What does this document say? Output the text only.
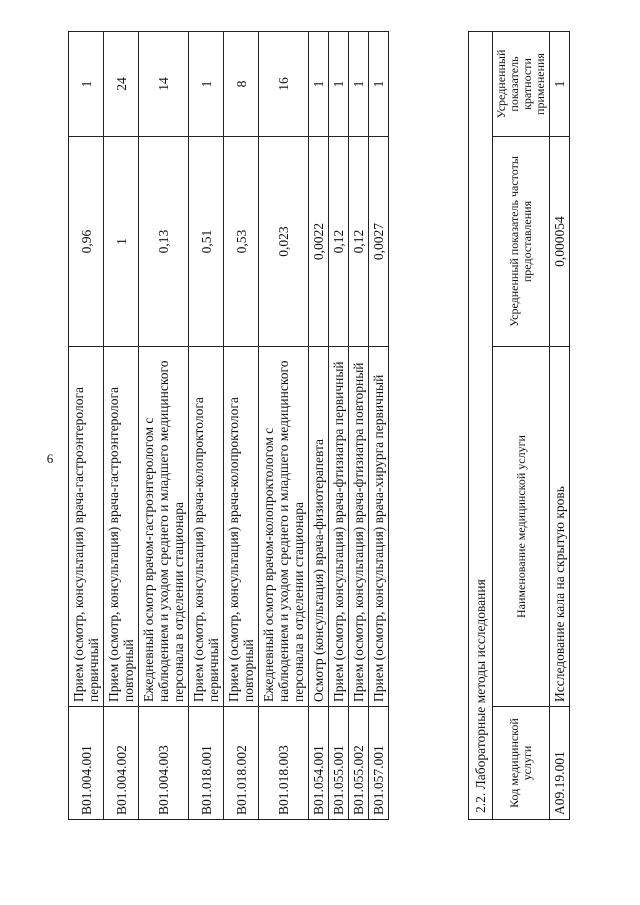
6
B01.004.001	Прием (осмотр, консультация) врача-гастроэнтеролога первичный	0,96	1
B01.004.002	Прием (осмотр, консультация) врача-гастроэнтеролога повторный	1	24
B01.004.003	Ежедневный осмотр врачом-гастроэнтерологом с наблюдением и уходом среднего и младшего медицинского персонала в отделении стационара	0,13	14
B01.018.001	Прием (осмотр, консультация) врача-колопроктолога первичный	0,51	1
B01.018.002	Прием (осмотр, консультация) врача-колопроктолога повторный	0,53	8
B01.018.003	Ежедневный осмотр врачом-колопроктологом с наблюдением и уходом среднего и младшего медицинского персонала в отделении стационара	0,023	16
B01.054.001	Осмотр (консультация) врача-физиотерапевта	0,0022	1
B01.055.001	Прием (осмотр, консультация) врача-фтизиатра первичный	0,12	1
B01.055.002	Прием (осмотр, консультация) врача-фтизиатра повторный	0,12	1
B01.057.001	Прием (осмотр, консультация) врача-хирурга первичный	0,0027	1
2.2. Лабораторные методы исследования			
Код медицинской услуги	Наименование медицинской услуги	Усредненный показатель частоты предоставления	Усредненный показатель кратности применения
A09.19.001	Исследование кала на скрытую кровь	0,000054	1
